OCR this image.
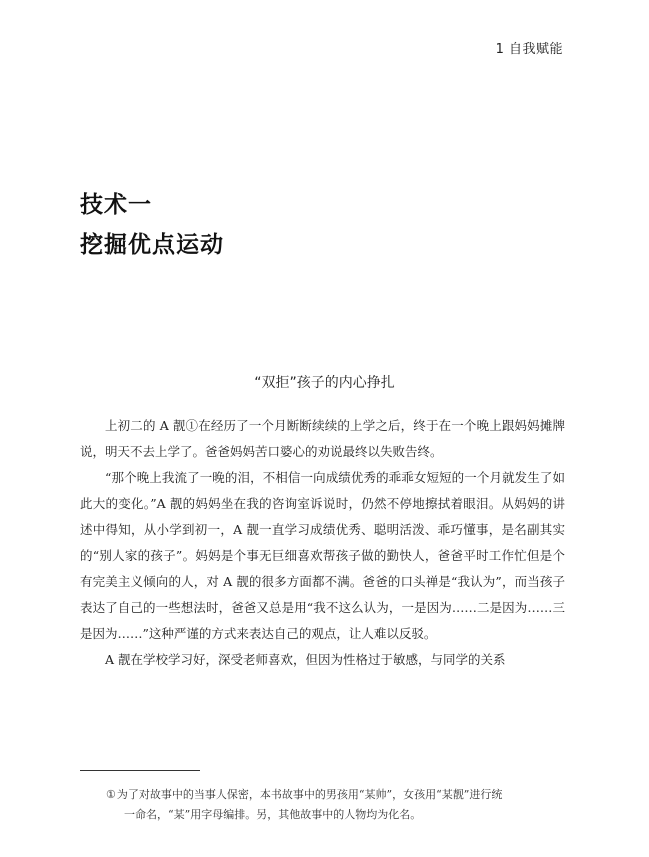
1 自我赋能
技术一
挖掘优点运动
“双拒”孩子的内心挣扎

上初二的 A 靓①在经历了一个月断断续续的上学之后，终于在一个晚上跟妈妈摊牌说，明天不去上学了。爸爸妈妈苦口婆心的劝说最终以失败告终。

“那个晚上我流了一晚的泪，不相信一向成绩优秀的乖乖女短短的一个月就发生了如此大的变化。”A 靓的妈妈坐在我的咨询室诉说时，仍然不停地擦拭着眼泪。从妈妈的讲述中得知，从小学到初一，A 靓一直学习成绩优秀、聪明活泼、乖巧懂事，是名副其实的“别人家的孩子”。妈妈是个事无巨细喜欢帮孩子做的勤快人，爸爸平时工作忙但是个有完美主义倾向的人，对 A 靓的很多方面都不满。爸爸的口头禅是“我认为”，而当孩子表达了自己的一些想法时，爸爸又总是用“我不这么认为，一是因为……二是因为……三是因为……”这种严谨的方式来表达自己的观点，让人难以反驳。

A 靓在学校学习好，深受老师喜欢，但因为性格过于敏感，与同学的关系

①为了对故事中的当事人保密，本书故事中的男孩用“某帅”，女孩用“某靓”进行统
一命名，“某”用字母编排。另，其他故事中的人物均为化名。
